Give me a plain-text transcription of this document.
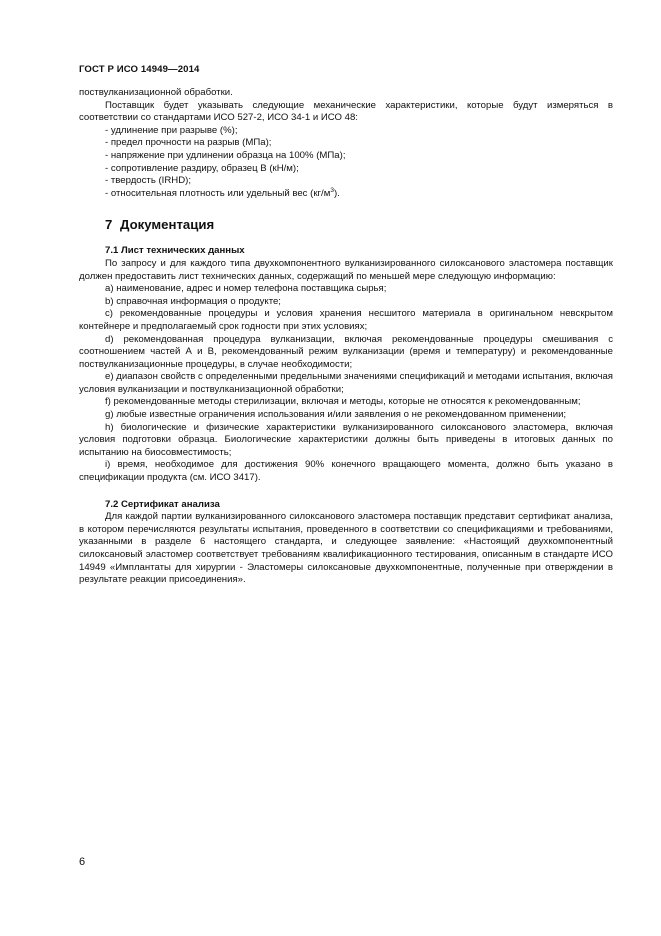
ГОСТ Р ИСО 14949—2014

поствулканизационной обработки.

Поставщик будет указывать следующие механические характеристики, которые будут измеряться в соответствии со стандартами ИСО 527-2, ИСО 34-1 и ИСО 48:

- удлинение при разрыве (%);

- предел прочности на разрыв (МПа);

- напряжение при удлинении образца на 100% (МПа);

- сопротивление раздиру, образец В (кН/м);

- твердость (IRHD);

- относительная плотность или удельный вес $(кг/м^3)$.

7 Документация
7.1 Лист технических данных

По запросу и для каждого типа двухкомпонентного вулканизированного силоксанового эластомера поставщик должен предоставить лист технических данных, содержащий по меньшей мере следующую информацию:

а) наименование, адрес и номер телефона поставщика сырья;

b) справочная информация о продукте;

c) рекомендованные процедуры и условия хранения несшитого материала в оригинальном невскрытом контейнере и предполагаемый срок годности при этих условиях;

d) рекомендованная процедура вулканизации, включая рекомендованные процедуры смешивания с соотношением частей А и В, рекомендованный режим вулканизации (время и температуру) и рекомендованные поствулканизационные процедуры, в случае необходимости;

e) диапазон свойств с определенными предельными значениями спецификаций и методами испытания, включая условия вулканизации и поствулканизационной обработки;

f) рекомендованные методы стерилизации, включая и методы, которые не относятся к рекомендованным;

g) любые известные ограничения использования и/или заявления о не рекомендованном применении;

h) биологические и физические характеристики вулканизированного силоксанового эластомера, включая условия подготовки образца. Биологические характеристики должны быть приведены в итоговых данных по испытанию на биосовместимость;

i) время, необходимое для достижения 90% конечного вращающего момента, должно быть указано в спецификации продукта (см. ИСО 3417).

7.2 Сертификат анализа

Для каждой партии вулканизированного силоксанового эластомера поставщик представит сертификат анализа, в котором перечисляются результаты испытания, проведенного в соответствии со спецификациями и требованиями, указанными в разделе 6 настоящего стандарта, и следующее заявление: «Настоящий двухкомпонентный силоксановый эластомер соответствует требованиям квалификационного тестирования, описанным в стандарте ИСО 14949 «Имплантаты для хирургии - Эластомеры силоксановые двухкомпонентные, полученные при отверждении в результате реакции присоединения».

6
